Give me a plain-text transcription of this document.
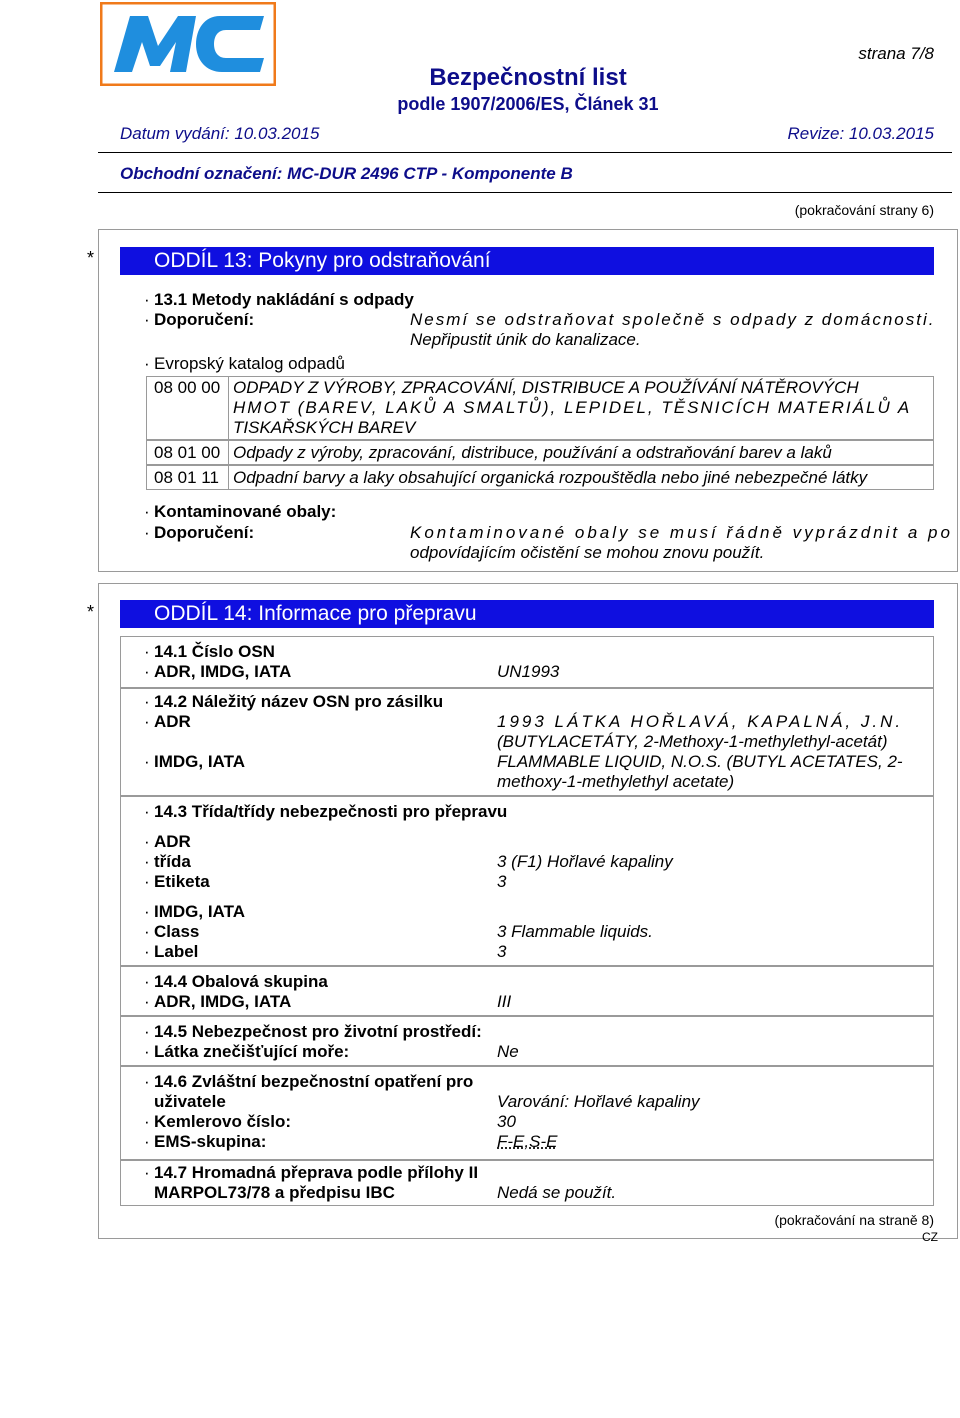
strana 7/8
Bezpečnostní list
podle 1907/2006/ES, Článek 31
Datum vydání: 10.03.2015	Revize: 10.03.2015
Obchodní označení: MC-DUR 2496 CTP - Komponente B
(pokračování strany 6)
*	ODDÍL 13: Pokyny pro odstraňování
· 13.1 Metody nakládání s odpady
· Doporučení:	Nesmí se odstraňovat společně s odpady z domácnosti.
Nepřipustit únik do kanalizace.
· Evropský katalog odpadů
08 00 00 ODPADY Z VÝROBY, ZPRACOVÁNÍ, DISTRIBUCE A POUŽÍVÁNÍ NÁTĚROVÝCH
HMOT (BAREV, LAKŮ A SMALTŮ), LEPIDEL, TĚSNICÍCH MATERIÁLŮ A
TISKAŘSKÝCH BAREV
08 01 00 Odpady z výroby, zpracování, distribuce, používání a odstraňování barev a laků
08 01 11 Odpadní barvy a laky obsahující organická rozpouštědla nebo jiné nebezpečné látky
· Kontaminované obaly:
· Doporučení:	Kontaminované obaly se musí řádně vyprázdnit a po
odpovídajícím očistění se mohou znovu použít.
*	ODDÍL 14: Informace pro přepravu
· 14.1 Číslo OSN
· ADR, IMDG, IATA	UN1993
· 14.2 Náležitý název OSN pro zásilku
· ADR	1993 LÁTKA HOŘLAVÁ, KAPALNÁ, J.N.
(BUTYLACETÁTY, 2-Methoxy-1-methylethyl-acetát)
· IMDG, IATA	FLAMMABLE LIQUID, N.O.S. (BUTYL ACETATES, 2-
methoxy-1-methylethyl acetate)
· 14.3 Třída/třídy nebezpečnosti pro přepravu
· ADR
· třída	3 (F1) Hořlavé kapaliny
· Etiketa	3
· IMDG, IATA
· Class	3 Flammable liquids.
· Label	3
· 14.4 Obalová skupina
· ADR, IMDG, IATA	III
· 14.5 Nebezpečnost pro životní prostředí:
· Látka znečišťující moře:	Ne
· 14.6 Zvláštní bezpečnostní opatření pro
uživatele	Varování: Hořlavé kapaliny
· Kemlerovo číslo:	30
· EMS-skupina:	F-E,S-E
· 14.7 Hromadná přeprava podle přílohy II
MARPOL73/78 a předpisu IBC	Nedá se použít.
(pokračování na straně 8)
CZ
